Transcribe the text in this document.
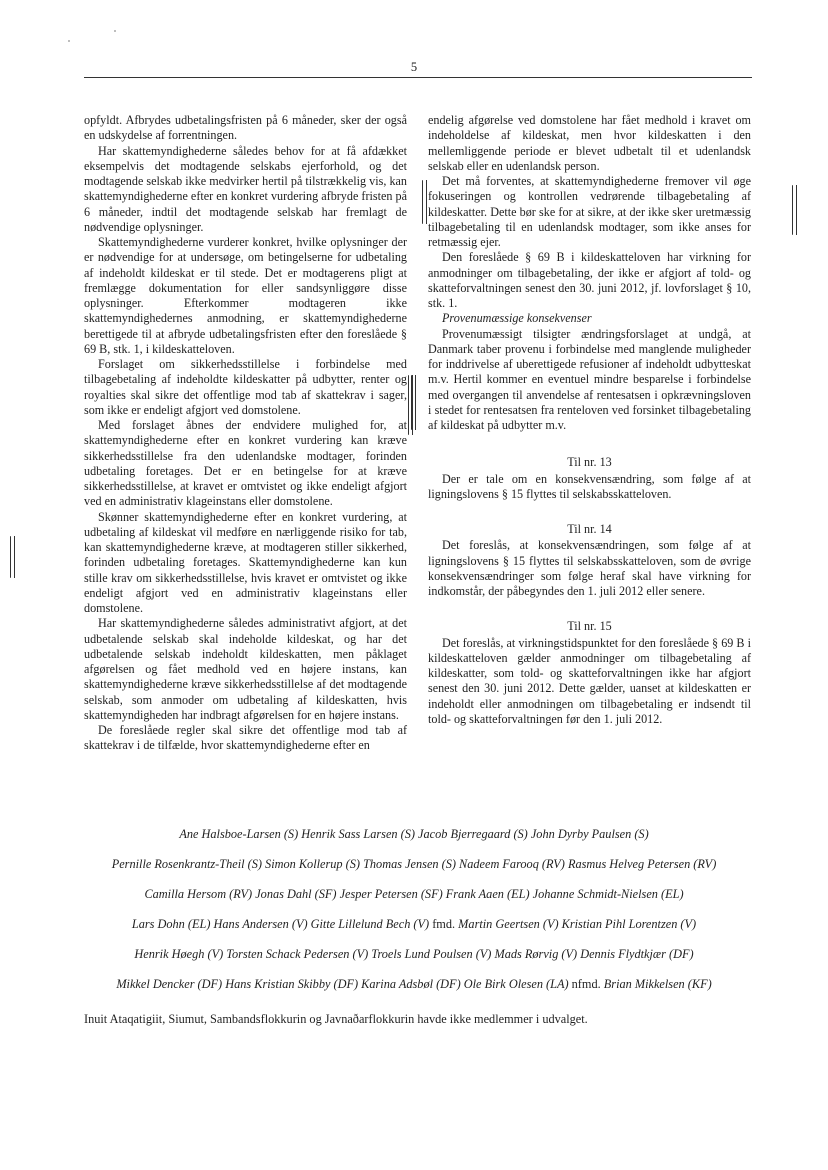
5

opfyldt. Afbrydes udbetalingsfristen på 6 måneder, sker der også en udskydelse af forrentningen.

Har skattemyndighederne således behov for at få afdækket eksempelvis det modtagende selskabs ejerforhold, og det modtagende selskab ikke medvirker hertil på tilstrækkelig vis, kan skattemyndighederne efter en konkret vurdering afbryde fristen på 6 måneder, indtil det modtagende selskab har fremlagt de nødvendige oplysninger.

Skattemyndighederne vurderer konkret, hvilke oplysninger der er nødvendige for at undersøge, om betingelserne for udbetaling af indeholdt kildeskat er til stede. Det er modtagerens pligt at fremlægge dokumentation for eller sandsynliggøre disse oplysninger. Efterkommer modtageren ikke skattemyndighedernes anmodning, er skattemyndighederne berettigede til at afbryde udbetalingsfristen efter den foreslåede § 69 B, stk. 1, i kildeskatteloven.

Forslaget om sikkerhedsstillelse i forbindelse med tilbagebetaling af indeholdte kildeskatter på udbytter, renter og royalties skal sikre det offentlige mod tab af skattekrav i sager, som ikke er endeligt afgjort ved domstolene.

Med forslaget åbnes der endvidere mulighed for, at skattemyndighederne efter en konkret vurdering kan kræve sikkerhedsstillelse fra den udenlandske modtager, forinden udbetaling foretages. Det er en betingelse for at kræve sikkerhedsstillelse, at kravet er omtvistet og ikke endeligt afgjort ved en administrativ klageinstans eller domstolene.

Skønner skattemyndighederne efter en konkret vurdering, at udbetaling af kildeskat vil medføre en nærliggende risiko for tab, kan skattemyndighederne kræve, at modtageren stiller sikkerhed, forinden udbetaling foretages. Skattemyndighederne kan kun stille krav om sikkerhedsstillelse, hvis kravet er omtvistet og ikke endeligt afgjort ved en administrativ klageinstans eller domstolene.

Har skattemyndighederne således administrativt afgjort, at det udbetalende selskab skal indeholde kildeskat, og har det udbetalende selskab indeholdt kildeskatten, men påklaget afgørelsen og fået medhold ved en højere instans, kan skattemyndighederne kræve sikkerhedsstillelse af det modtagende selskab, som anmoder om udbetaling af kildeskatten, hvis skattemyndigheden har indbragt afgørelsen for en højere instans.

De foreslåede regler skal sikre det offentlige mod tab af skattekrav i de tilfælde, hvor skattemyndighederne efter en

endelig afgørelse ved domstolene har fået medhold i kravet om indeholdelse af kildeskat, men hvor kildeskatten i den mellemliggende periode er blevet udbetalt til et udenlandsk selskab eller en udenlandsk person.

Det må forventes, at skattemyndighederne fremover vil øge fokuseringen og kontrollen vedrørende tilbagebetaling af kildeskatter. Dette bør ske for at sikre, at der ikke sker uretmæssig tilbagebetaling til en udenlandsk modtager, som ikke anses for retmæssig ejer.

Den foreslåede § 69 B i kildeskatteloven har virkning for anmodninger om tilbagebetaling, der ikke er afgjort af told- og skatteforvaltningen senest den 30. juni 2012, jf. lovforslaget § 10, stk. 1.

Provenumæssige konsekvenser

Provenumæssigt tilsigter ændringsforslaget at undgå, at Danmark taber provenu i forbindelse med manglende muligheder for inddrivelse af uberettigede refusioner af indeholdt udbytteskat m.v. Hertil kommer en eventuel mindre besparelse i forbindelse med overgangen til anvendelse af rentesatsen i opkrævningsloven i stedet for rentesatsen fra renteloven ved forsinket tilbagebetaling af kildeskat på udbytter m.v.

Til nr. 13

Der er tale om en konsekvensændring, som følge af at ligningslovens § 15 flyttes til selskabsskatteloven.

Til nr. 14

Det foreslås, at konsekvensændringen, som følge af at ligningslovens § 15 flyttes til selskabsskatteloven, som de øvrige konsekvensændringer som følge heraf skal have virkning for indkomstår, der påbegyndes den 1. juli 2012 eller senere.

Til nr. 15

Det foreslås, at virkningstidspunktet for den foreslåede § 69 B i kildeskatteloven gælder anmodninger om tilbagebetaling af kildeskatter, som told- og skatteforvaltningen ikke har afgjort senest den 30. juni 2012. Dette gælder, uanset at kildeskatten er indeholdt eller anmodningen om tilbagebetaling er indsendt til told- og skatteforvaltningen før den 1. juli 2012.

Ane Halsboe-Larsen (S) Henrik Sass Larsen (S) Jacob Bjerregaard (S) John Dyrby Paulsen (S)
Pernille Rosenkrantz-Theil (S) Simon Kollerup (S) Thomas Jensen (S) Nadeem Farooq (RV) Rasmus Helveg Petersen (RV)
Camilla Hersom (RV) Jonas Dahl (SF) Jesper Petersen (SF) Frank Aaen (EL) Johanne Schmidt-Nielsen (EL)
Lars Dohn (EL) Hans Andersen (V) Gitte Lillelund Bech (V) fmd. Martin Geertsen (V) Kristian Pihl Lorentzen (V)
Henrik Høegh (V) Torsten Schack Pedersen (V) Troels Lund Poulsen (V) Mads Rørvig (V) Dennis Flydtkjær (DF)
Mikkel Dencker (DF) Hans Kristian Skibby (DF) Karina Adsbøl (DF) Ole Birk Olesen (LA) nfmd. Brian Mikkelsen (KF)
Inuit Ataqatigiit, Siumut, Sambandsflokkurin og Javnaðarflokkurin havde ikke medlemmer i udvalget.
